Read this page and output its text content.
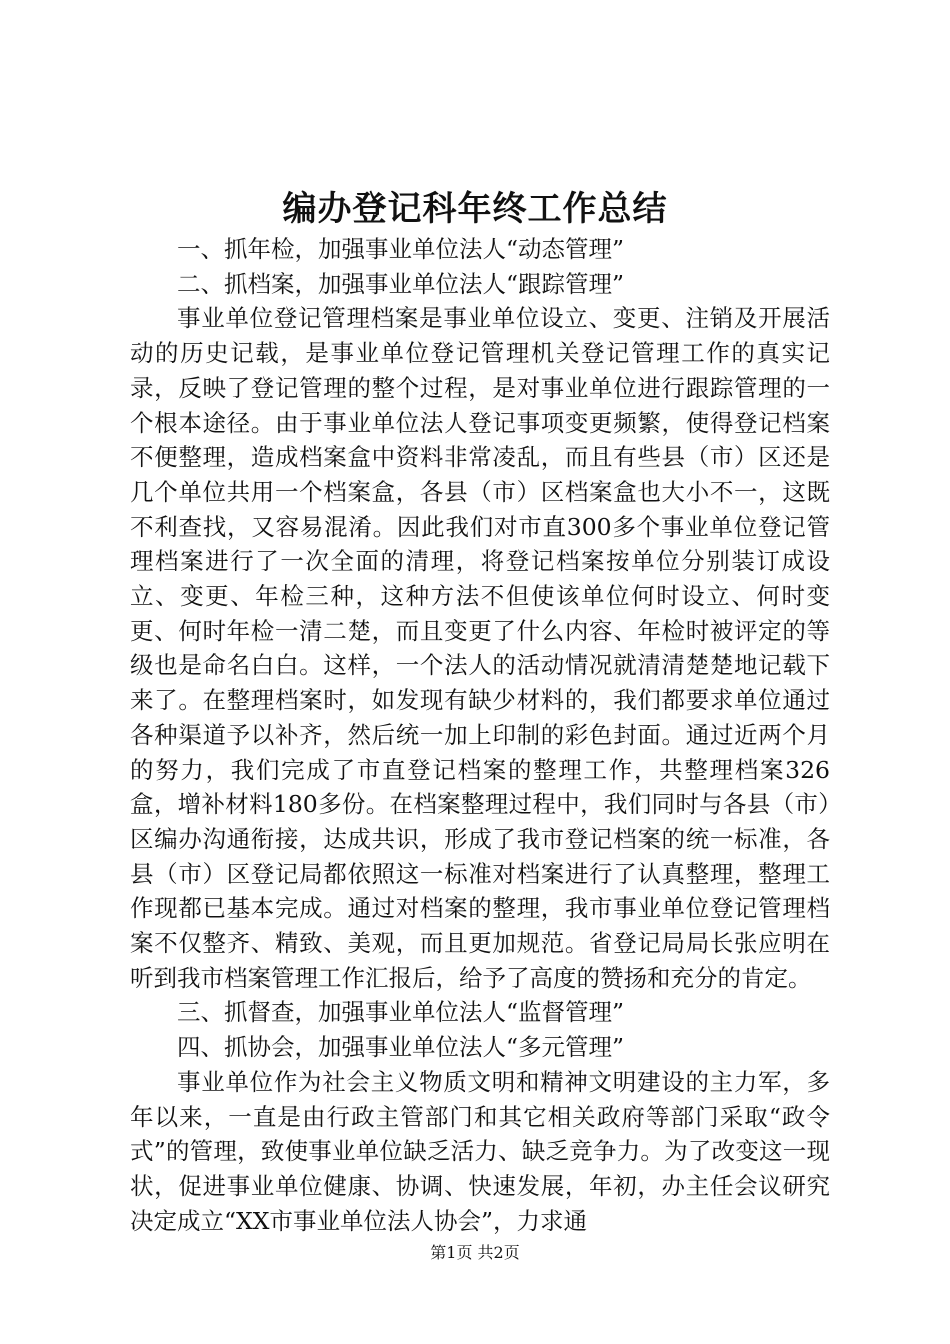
编办登记科年终工作总结

一、抓年检，加强事业单位法人“动态管理”

二、抓档案，加强事业单位法人“跟踪管理”

事业单位登记管理档案是事业单位设立、变更、注销及开展活动的历史记载，是事业单位登记管理机关登记管理工作的真实记录，反映了登记管理的整个过程，是对事业单位进行跟踪管理的一个根本途径。由于事业单位法人登记事项变更频繁，使得登记档案不便整理，造成档案盒中资料非常凌乱，而且有些县（市）区还是几个单位共用一个档案盒，各县（市）区档案盒也大小不一，这既不利查找，又容易混淆。因此我们对市直300多个事业单位登记管理档案进行了一次全面的清理，将登记档案按单位分别装订成设立、变更、年检三种，这种方法不但使该单位何时设立、何时变更、何时年检一清二楚，而且变更了什么内容、年检时被评定的等级也是命名白白。这样，一个法人的活动情况就清清楚楚地记载下来了。在整理档案时，如发现有缺少材料的，我们都要求单位通过各种渠道予以补齐，然后统一加上印制的彩色封面。通过近两个月的努力，我们完成了市直登记档案的整理工作，共整理档案326盒，增补材料180多份。在档案整理过程中，我们同时与各县（市）区编办沟通衔接，达成共识，形成了我市登记档案的统一标准，各县（市）区登记局都依照这一标准对档案进行了认真整理，整理工作现都已基本完成。通过对档案的整理，我市事业单位登记管理档案不仅整齐、精致、美观，而且更加规范。省登记局局长张应明在听到我市档案管理工作汇报后，给予了高度的赞扬和充分的肯定。

三、抓督查，加强事业单位法人“监督管理”

四、抓协会，加强事业单位法人“多元管理”

事业单位作为社会主义物质文明和精神文明建设的主力军，多年以来，一直是由行政主管部门和其它相关政府等部门采取“政令式”的管理，致使事业单位缺乏活力、缺乏竞争力。为了改变这一现状，促进事业单位健康、协调、快速发展，年初，办主任会议研究决定成立“XX市事业单位法人协会”，力求通

第1页 共2页
